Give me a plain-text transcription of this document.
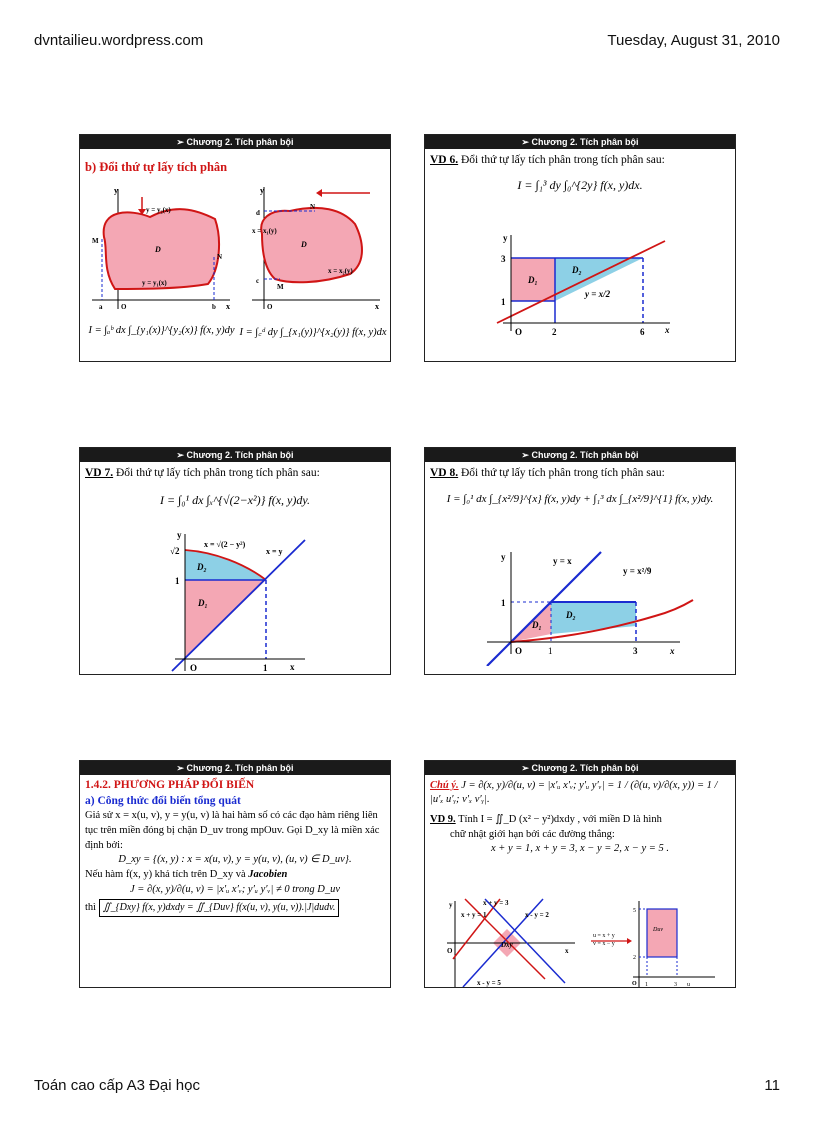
dvntailieu.wordpress.com	Tuesday, August 31, 2010
➢ Chương 2. Tích phân bội
b) Đổi thứ tự lấy tích phân
y
x
y = y₂(x)
y = y₁(x)
D
M
N
a	b
O
y
x
x = x₁(y)
x = x₂(y)
D
N
M
d
c
O
I = ∫ₐᵇ dx ∫_{y₁(x)}^{y₂(x)} f(x, y)dy I = ∫꜀ᵈ dy ∫_{x₁(y)}^{x₂(y)} f(x, y)dx
➢ Chương 2. Tích phân bội
VD 6. Đổi thứ tự lấy tích phân trong tích phân sau:
I = ∫₁³ dy ∫₀^{2y} f(x, y)dx.
y
x
O
3
1
2	6
D₁
D₂
y = x/2
➢ Chương 2. Tích phân bội
VD 7. Đổi thứ tự lấy tích phân trong tích phân sau:
I = ∫₀¹ dx ∫ₓ^{√(2−x²)} f(x, y)dy.
y
x
O
√2
1
1
x = √(2 − y²)
x = y
D₂
D₁
➢ Chương 2. Tích phân bội
VD 8. Đổi thứ tự lấy tích phân trong tích phân sau:
I = ∫₀¹ dx ∫_{x²/9}^{x} f(x, y)dy + ∫₁³ dx ∫_{x²/9}^{1} f(x, y)dy.
y
x
O
1
1	3
y = x
y = x²/9
D₁
D₂
➢ Chương 2. Tích phân bội
1.4.2. PHƯƠNG PHÁP ĐỔI BIẾN
a) Công thức đổi biến tổng quát
Giả sử x = x(u, v), y = y(u, v) là hai hàm số có các đạo hàm riêng liên tục trên miền đóng bị chặn D_uv trong mpOuv. Gọi D_xy là miền xác định bởi:
D_xy = {(x, y) : x = x(u, v), y = y(u, v), (u, v) ∈ D_uv}.
Nếu hàm f(x, y) khả tích trên D_xy và Jacobien
J = ∂(x, y)/∂(u, v) = |x′ᵤ x′ᵥ; y′ᵤ y′ᵥ| ≠ 0 trong D_uv
thì ∬_{Dxy} f(x, y)dxdy = ∬_{Duv} f(x(u, v), y(u, v)).|J|dudv.
➢ Chương 2. Tích phân bội
Chú ý. J = ∂(x, y)/∂(u, v) = |x′ᵤ x′ᵥ; y′ᵤ y′ᵥ| = 1 / (∂(u, v)/∂(x, y)) = 1 / |u′ₓ u′ᵧ; v′ₓ v′ᵧ|.
VD 9. Tính I = ∬_D (x² − y²)dxdy , với miền D là hình
chữ nhật giới hạn bởi các đường thẳng:
x + y = 1, x + y = 3, x − y = 2, x − y = 5 .
y
x
O
x + y = 3
x + y = 1	x - y = 2
x - y = 5
Dxy
u = x + y
v = x − y
O 1	3
5
2
u
Duv
Toán cao cấp A3 Đại học	11
